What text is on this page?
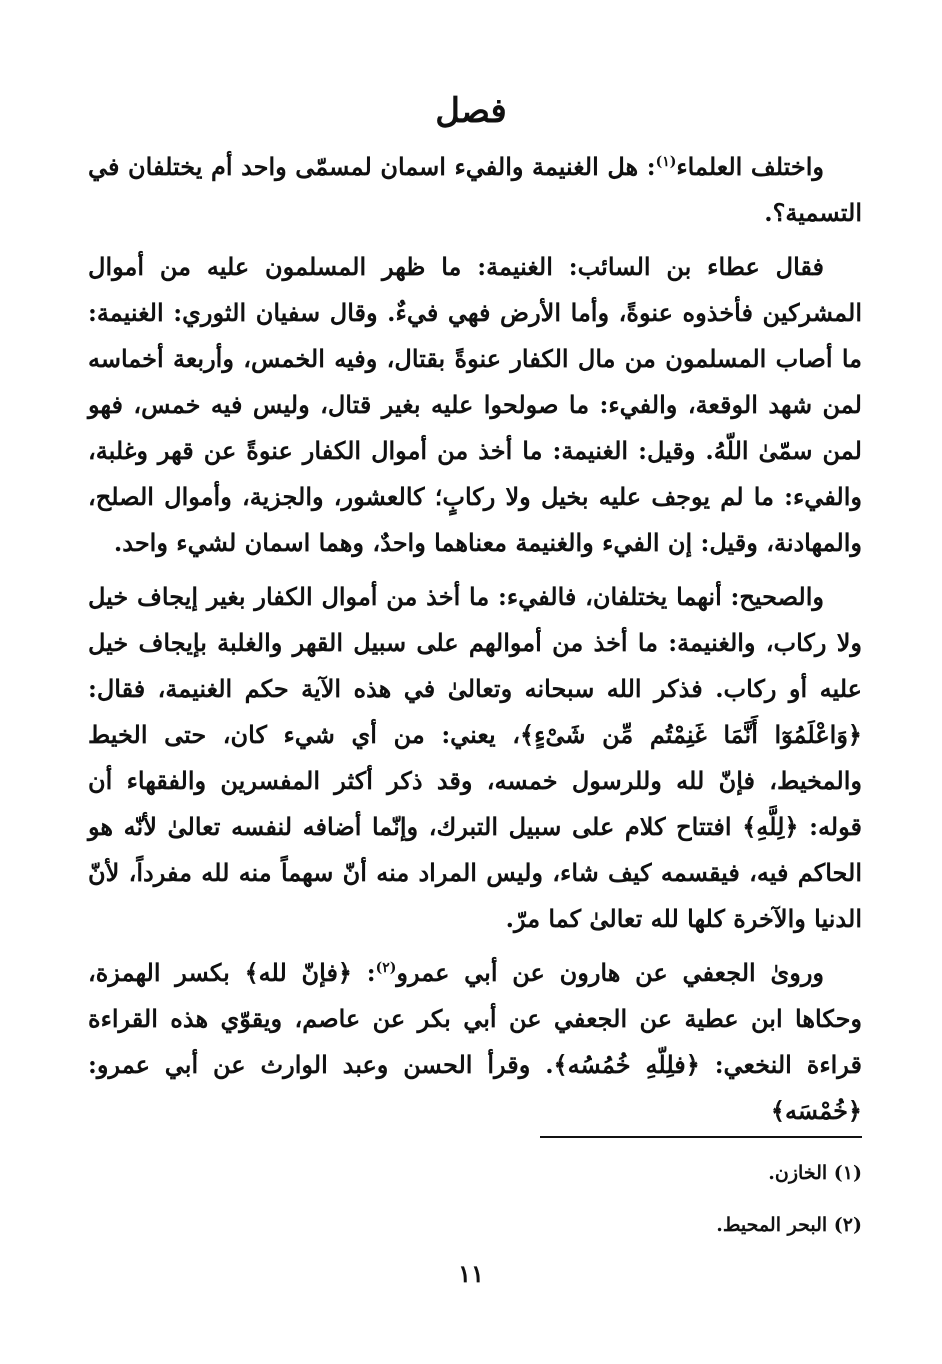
فصل

واختلف العلماء$^{(١)}$: هل الغنيمة والفيء اسمان لمسمّى واحد أم يختلفان في التسمية؟.

فقال عطاء بن السائب: الغنيمة: ما ظهر المسلمون عليه من أموال المشركين فأخذوه عنوةً، وأما الأرض فهي فيءٌ. وقال سفيان الثوري: الغنيمة: ما أصاب المسلمون من مال الكفار عنوةً بقتال، وفيه الخمس، وأربعة أخماسه لمن شهد الوقعة، والفيء: ما صولحوا عليه بغير قتال، وليس فيه خمس، فهو لمن سمّىٰ اللّهُ. وقيل: الغنيمة: ما أخذ من أموال الكفار عنوةً عن قهر وغلبة، والفيء: ما لم يوجف عليه بخيل ولا ركابٍ؛ كالعشور، والجزية، وأموال الصلح، والمهادنة، وقيل: إن الفيء والغنيمة معناهما واحدٌ، وهما اسمان لشيء واحد.

والصحيح: أنهما يختلفان، فالفيء: ما أخذ من أموال الكفار بغير إيجاف خيل ولا ركاب، والغنيمة: ما أخذ من أموالهم على سبيل القهر والغلبة بإيجاف خيل عليه أو ركاب. فذكر الله سبحانه وتعالىٰ في هذه الآية حكم الغنيمة، فقال: ﴿وَاعْلَمُوٓا أَنَّمَا غَنِمْتُم مِّن شَىْءٍ﴾، يعني: من أي شيء كان، حتى الخيط والمخيط، فإنّ لله وللرسول خمسه، وقد ذكر أكثر المفسرين والفقهاء أن قوله: ﴿لِلَّهِ﴾ افتتاح كلام على سبيل التبرك، وإنّما أضافه لنفسه تعالىٰ لأنّه هو الحاكم فيه، فيقسمه كيف شاء، وليس المراد منه أنّ سهماً منه لله مفرداً، لأنّ الدنيا والآخرة كلها لله تعالىٰ كما مرّ.

وروىٰ الجعفي عن هارون عن أبي عمرو$^{(٢)}$: ﴿فإنّ لله﴾ بكسر الهمزة، وحكاها ابن عطية عن الجعفي عن أبي بكر عن عاصم، ويقوّي هذه القراءة قراءة النخعي: ﴿فلِلّهِ خُمُسُه﴾. وقرأ الحسن وعبد الوارث عن أبي عمرو: ﴿خُمْسَه﴾

(١) الخازن.
(٢) البحر المحيط.
١١
